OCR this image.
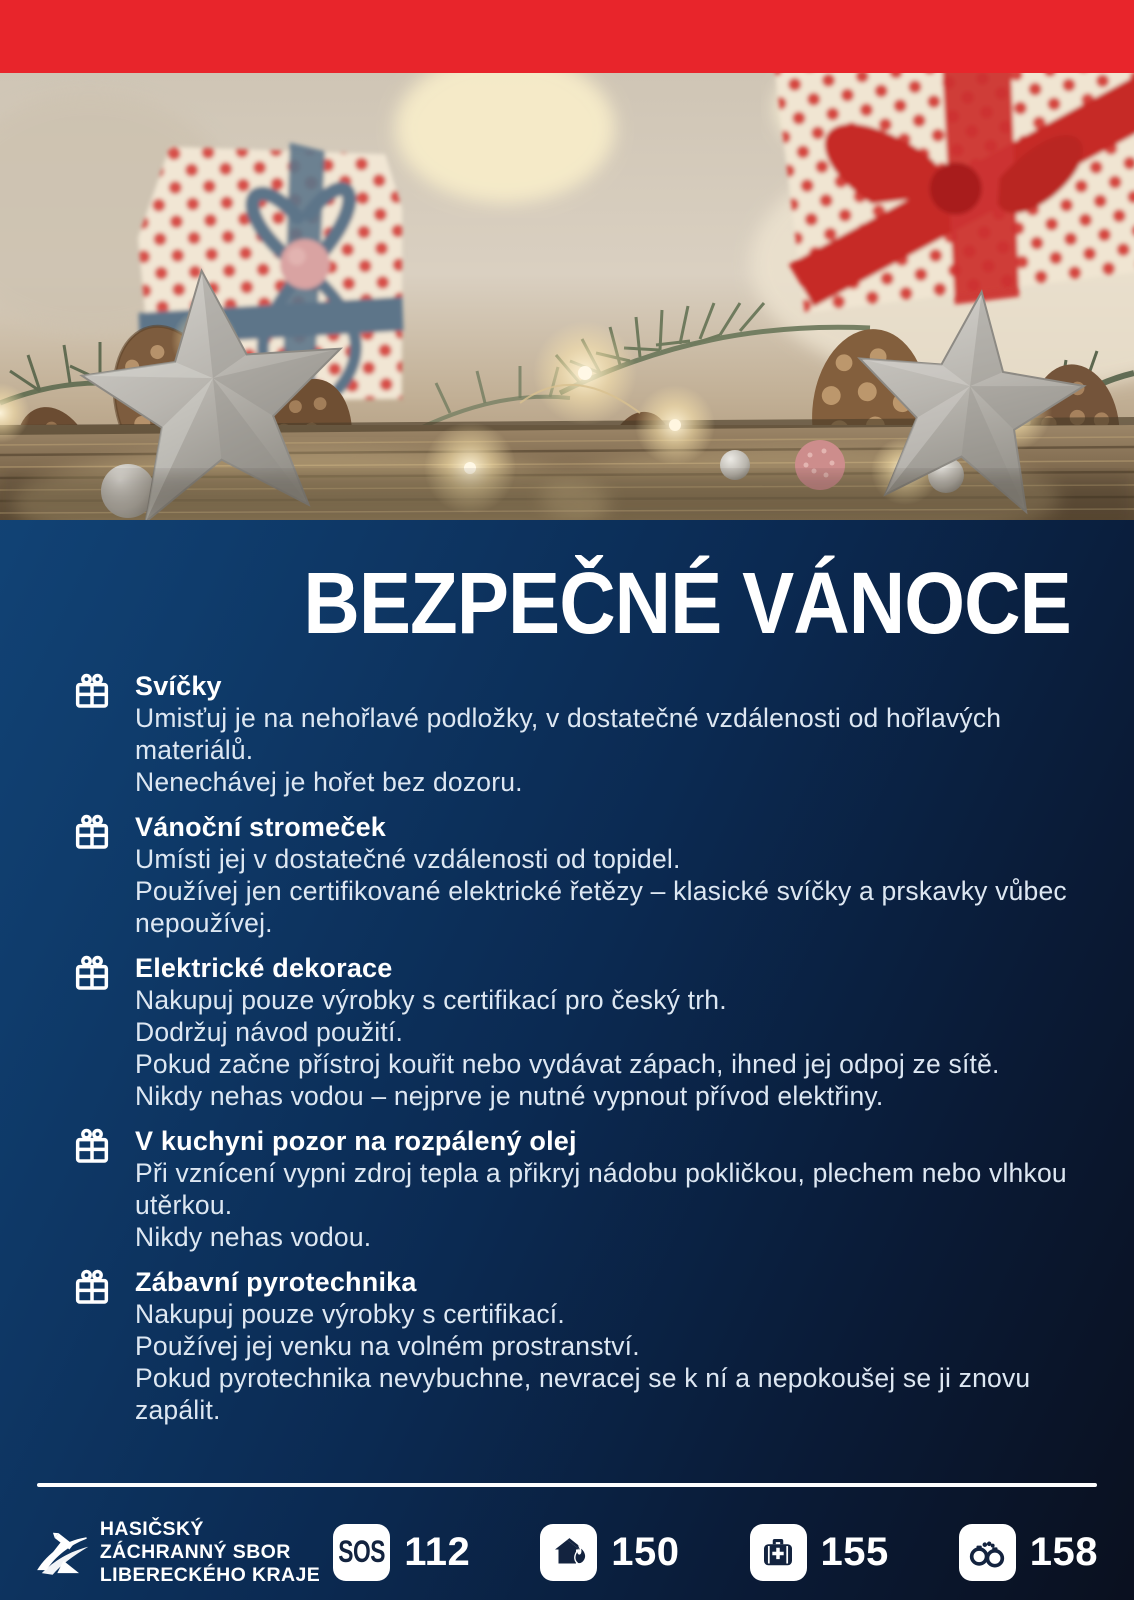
BEZPEČNÉ VÁNOCE
Svíčky

Umisťuj je na nehořlavé podložky, v dostatečné vzdálenosti od hořlavých materiálů.

Nenechávej je hořet bez dozoru.

Vánoční stromeček

Umísti jej v dostatečné vzdálenosti od topidel.

Používej jen certifikované elektrické řetězy – klasické svíčky a prskavky vůbec nepoužívej.

Elektrické dekorace

Nakupuj pouze výrobky s certifikací pro český trh.

Dodržuj návod použití.

Pokud začne přístroj kouřit nebo vydávat zápach, ihned jej odpoj ze sítě.

Nikdy nehas vodou – nejprve je nutné vypnout přívod elektřiny.

V kuchyni pozor na rozpálený olej

Při vznícení vypni zdroj tepla a přikryj nádobu pokličkou, plechem nebo vlhkou utěrkou.

Nikdy nehas vodou.

Zábavní pyrotechnika

Nakupuj pouze výrobky s certifikací.

Používej jej venku na volném prostranství.

Pokud pyrotechnika nevybuchne, nevracej se k ní a nepokoušej se ji znovu zapálit.

HASIČSKÝ ZÁCHRANNÝ SBOR
LIBERECKÉHO KRAJE
SOS 112	150	155	158
